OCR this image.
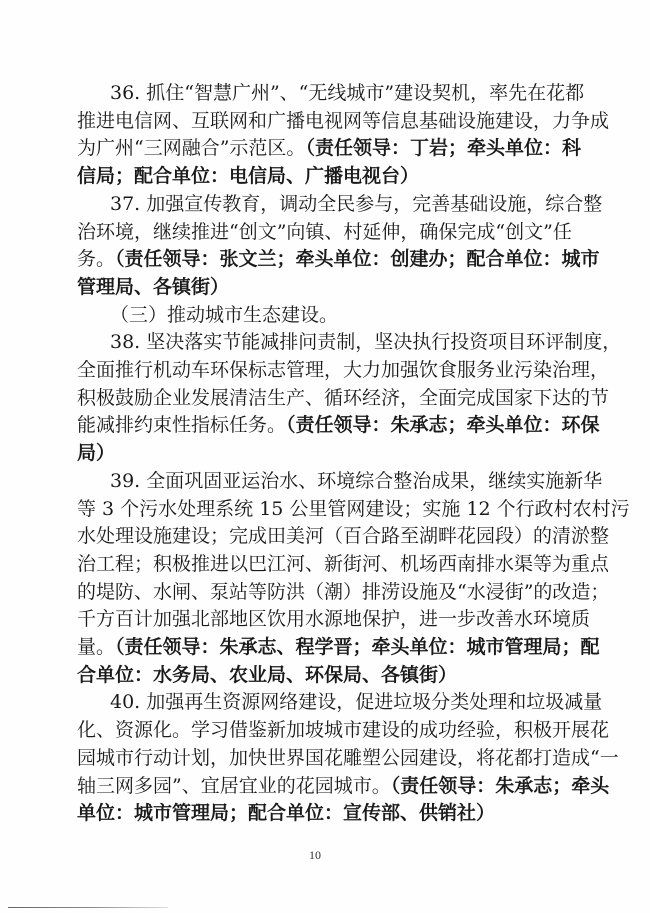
36. 抓住“智慧广州”、“无线城市”建设契机，率先在花都
推进电信网、互联网和广播电视网等信息基础设施建设，力争成
为广州“三网融合”示范区。（责任领导：丁岩；牵头单位：科
信局；配合单位：电信局、广播电视台）
37. 加强宣传教育，调动全民参与，完善基础设施，综合整
治环境，继续推进“创文”向镇、村延伸，确保完成“创文”任
务。（责任领导：张文兰；牵头单位：创建办；配合单位：城市
管理局、各镇街）
（三）推动城市生态建设。
38. 坚决落实节能减排问责制，坚决执行投资项目环评制度，
全面推行机动车环保标志管理，大力加强饮食服务业污染治理，
积极鼓励企业发展清洁生产、循环经济，全面完成国家下达的节
能减排约束性指标任务。（责任领导：朱承志；牵头单位：环保
局）
39. 全面巩固亚运治水、环境综合整治成果，继续实施新华
等 3 个污水处理系统 15 公里管网建设；实施 12 个行政村农村污
水处理设施建设；完成田美河（百合路至湖畔花园段）的清淤整
治工程；积极推进以巴江河、新街河、机场西南排水渠等为重点
的堤防、水闸、泵站等防洪（潮）排涝设施及“水浸街”的改造；
千方百计加强北部地区饮用水源地保护，进一步改善水环境质
量。（责任领导：朱承志、程学晋；牵头单位：城市管理局；配
合单位：水务局、农业局、环保局、各镇街）
40. 加强再生资源网络建设，促进垃圾分类处理和垃圾减量
化、资源化。学习借鉴新加坡城市建设的成功经验，积极开展花
园城市行动计划，加快世界国花雕塑公园建设，将花都打造成“一
轴三网多园”、宜居宜业的花园城市。（责任领导：朱承志；牵头
单位：城市管理局；配合单位：宣传部、供销社）
10
